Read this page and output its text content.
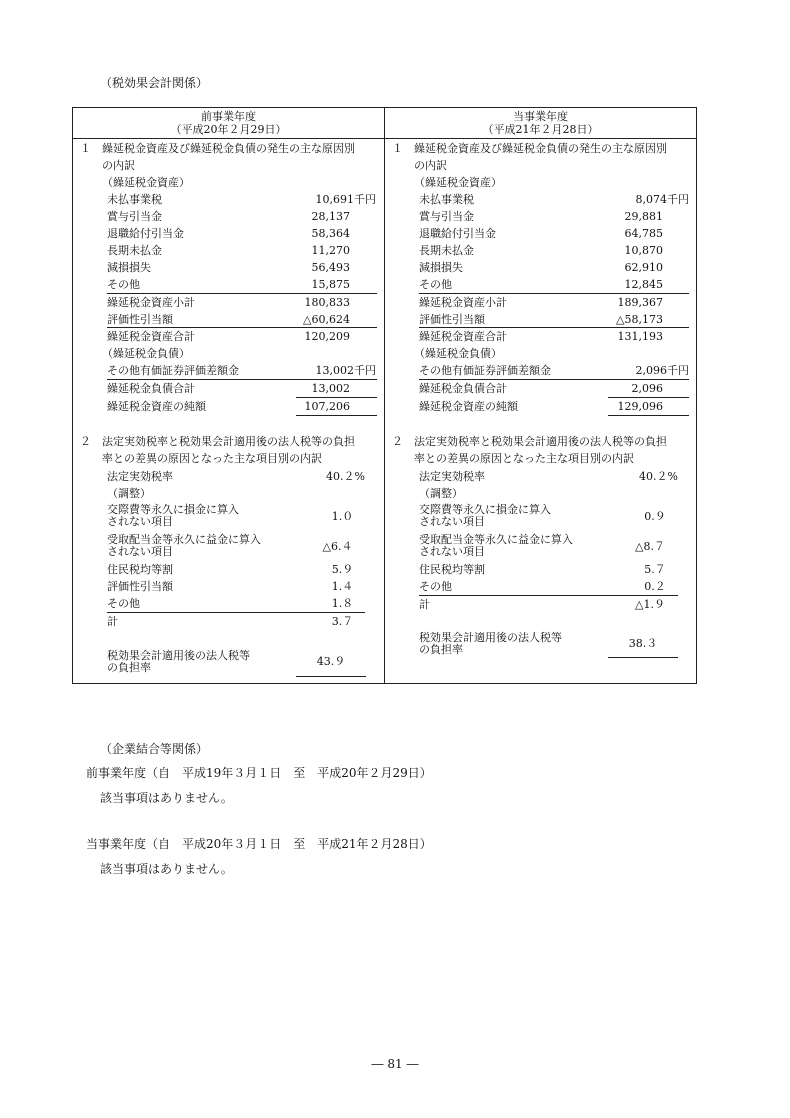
（税効果会計関係）
前事業年度
（平成20年２月29日）
１ 繰延税金資産及び繰延税金負債の発生の主な原因別
の内訳
（繰延税金資産）
未払事業税	10,691千円
賞与引当金	28,137
退職給付引当金	58,364
長期未払金	11,270
減損損失	56,493
その他	15,875
繰延税金資産小計	180,833
評価性引当額	△60,624
繰延税金資産合計	120,209
（繰延税金負債）
その他有価証券評価差額金	13,002千円
繰延税金負債合計	13,002
繰延税金資産の純額	107,206
２ 法定実効税率と税効果会計適用後の法人税等の負担
率との差異の原因となった主な項目別の内訳
法定実効税率	40.２%
（調整）
交際費等永久に損金に算入
されない項目	1.０
受取配当金等永久に益金に算入
されない項目	△6.４
住民税均等割	5.９
評価性引当額	1.４
その他	1.８
計	3.７
税効果会計適用後の法人税等
の負担率	43.９
当事業年度
（平成21年２月28日）
１ 繰延税金資産及び繰延税金負債の発生の主な原因別
の内訳
（繰延税金資産）
未払事業税	8,074千円
賞与引当金	29,881
退職給付引当金	64,785
長期未払金	10,870
減損損失	62,910
その他	12,845
繰延税金資産小計	189,367
評価性引当額	△58,173
繰延税金資産合計	131,193
（繰延税金負債）
その他有価証券評価差額金	2,096千円
繰延税金負債合計	2,096
繰延税金資産の純額	129,096
２ 法定実効税率と税効果会計適用後の法人税等の負担
率との差異の原因となった主な項目別の内訳
法定実効税率	40.２%
（調整）
交際費等永久に損金に算入
されない項目	0.９
受取配当金等永久に益金に算入
されない項目	△8.７
住民税均等割	5.７
その他	0.２
計	△1.９
税効果会計適用後の法人税等
の負担率	38.３
（企業結合等関係）
前事業年度（自　平成19年３月１日　至　平成20年２月29日）
該当事項はありません。
当事業年度（自　平成20年３月１日　至　平成21年２月28日）
該当事項はありません。
― 81 ―
